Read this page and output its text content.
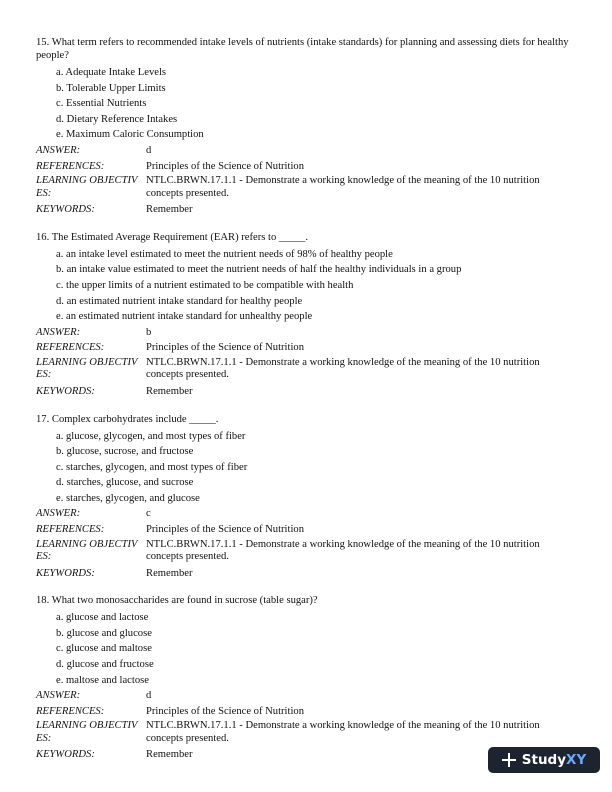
15. What term refers to recommended intake levels of nutrients (intake standards) for planning and assessing diets for healthy people?
a. Adequate Intake Levels
b. Tolerable Upper Limits
c. Essential Nutrients
d. Dietary Reference Intakes
e. Maximum Caloric Consumption
ANSWER:	d
REFERENCES:	Principles of the Science of Nutrition
LEARNING OBJECTIV ES:
NTLC.BRWN.17.1.1 - Demonstrate a working knowledge of the meaning of the 10 nutrition concepts presented.
KEYWORDS:	Remember
16. The Estimated Average Requirement (EAR) refers to _____.
a. an intake level estimated to meet the nutrient needs of 98% of healthy people
b. an intake value estimated to meet the nutrient needs of half the healthy individuals in a group
c. the upper limits of a nutrient estimated to be compatible with health
d. an estimated nutrient intake standard for healthy people
e. an estimated nutrient intake standard for unhealthy people
ANSWER:	b
REFERENCES:	Principles of the Science of Nutrition
LEARNING OBJECTIV ES:
NTLC.BRWN.17.1.1 - Demonstrate a working knowledge of the meaning of the 10 nutrition concepts presented.
KEYWORDS:	Remember
17. Complex carbohydrates include _____.
a. glucose, glycogen, and most types of fiber
b. glucose, sucrose, and fructose
c. starches, glycogen, and most types of fiber
d. starches, glucose, and sucrose
e. starches, glycogen, and glucose
ANSWER:	c
REFERENCES:	Principles of the Science of Nutrition
LEARNING OBJECTIV ES:
NTLC.BRWN.17.1.1 - Demonstrate a working knowledge of the meaning of the 10 nutrition concepts presented.
KEYWORDS:	Remember
18. What two monosaccharides are found in sucrose (table sugar)?
a. glucose and lactose
b. glucose and glucose
c. glucose and maltose
d. glucose and fructose
e. maltose and lactose
ANSWER:	d
REFERENCES:	Principles of the Science of Nutrition
LEARNING OBJECTIV ES:
NTLC.BRWN.17.1.1 - Demonstrate a working knowledge of the meaning of the 10 nutrition concepts presented.
KEYWORDS:	Remember	Study XY
